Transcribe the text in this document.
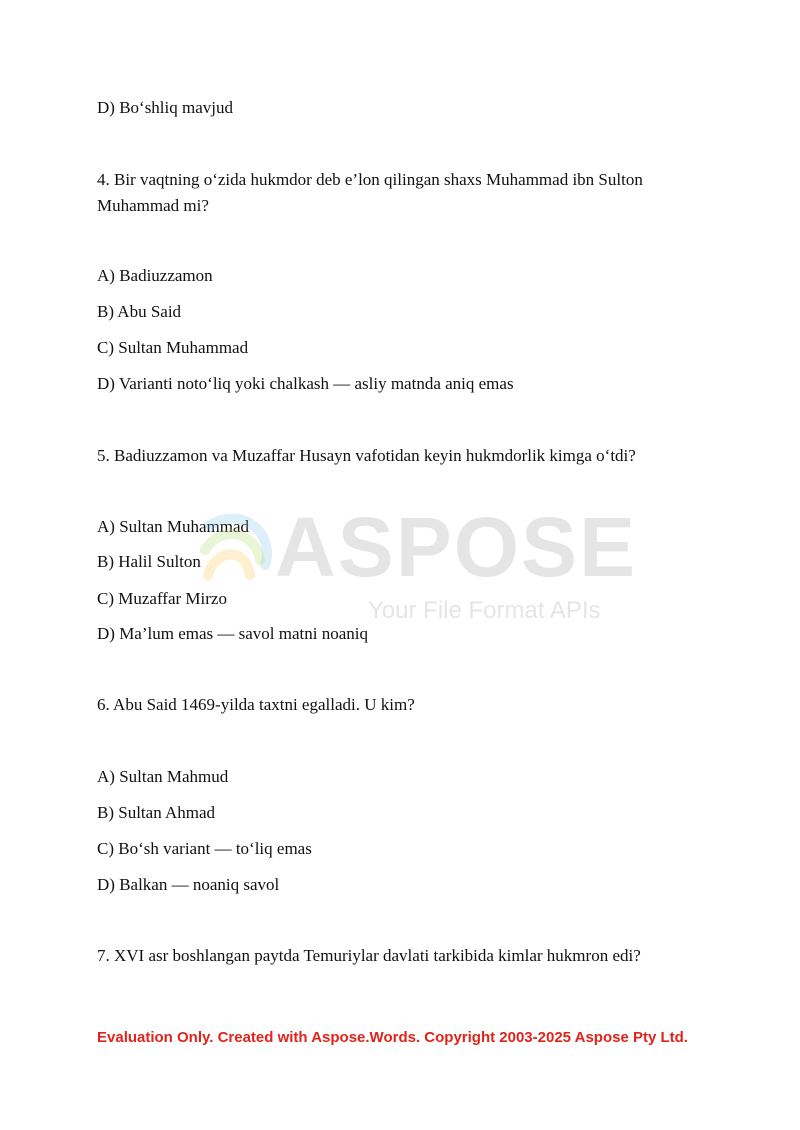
D) Bo‘shliq mavjud
4. Bir vaqtning o‘zida hukmdor deb e’lon qilingan shaxs Muhammad ibn Sulton Muhammad mi?
A) Badiuzzamon
B) Abu Said
C) Sultan Muhammad
D) Varianti noto‘liq yoki chalkash — asliy matnda aniq emas
5. Badiuzzamon va Muzaffar Husayn vafotidan keyin hukmdorlik kimga o‘tdi?
A) Sultan Muhammad
B) Halil Sulton
C) Muzaffar Mirzo
D) Ma’lum emas — savol matni noaniq
6. Abu Said 1469-yilda taxtni egalladi. U kim?
A) Sultan Mahmud
B) Sultan Ahmad
C) Bo‘sh variant — to‘liq emas
D) Balkan — noaniq savol
7. XVI asr boshlangan paytda Temuriylar davlati tarkibida kimlar hukmron edi?
ASPOSE
Your File Format APIs
Evaluation Only. Created with Aspose.Words. Copyright 2003-2025 Aspose Pty Ltd.
